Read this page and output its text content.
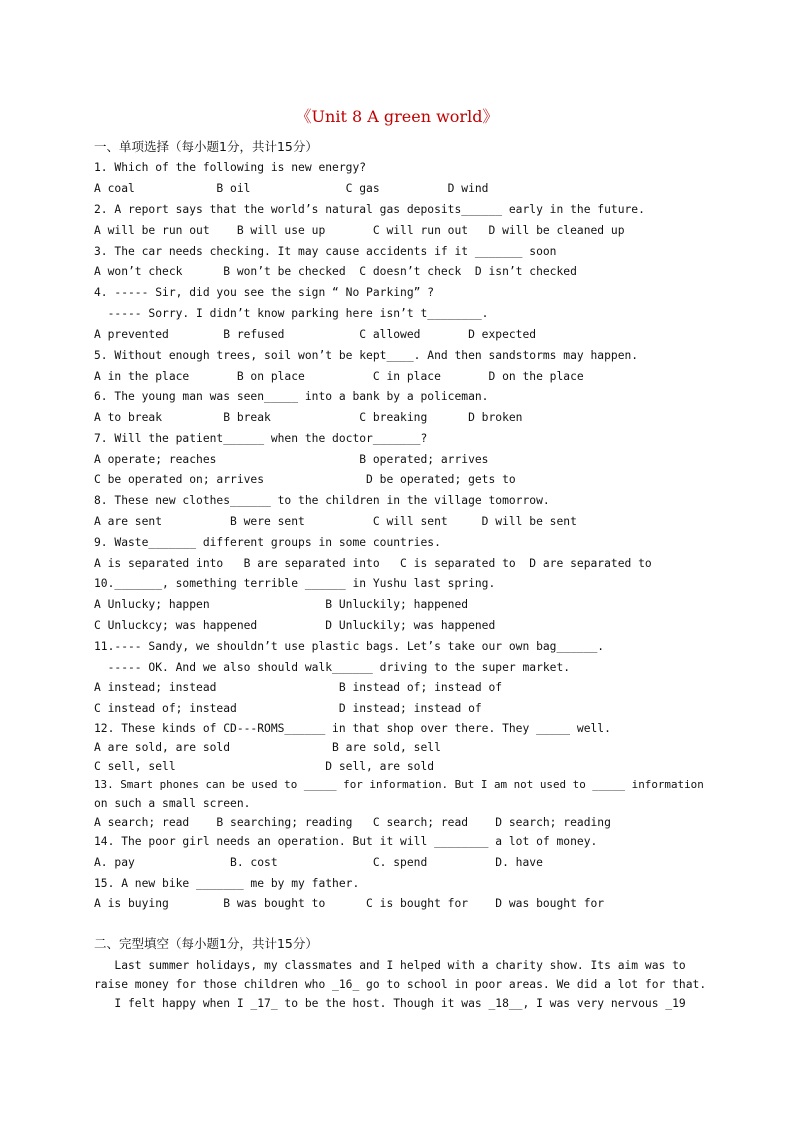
《Unit 8 A green world》
一、单项选择（每小题1分，共计15分）
1. Which of the following is new energy?
A coal            B oil              C gas          D wind
2. A report says that the world’s natural gas deposits______ early in the future.
A will be run out    B will use up       C will run out   D will be cleaned up
3. The car needs checking. It may cause accidents if it _______ soon
A won’t check      B won’t be checked  C doesn’t check  D isn’t checked
4. ----- Sir, did you see the sign “ No Parking” ?
----- Sorry. I didn’t know parking here isn’t t________.
A prevented        B refused           C allowed       D expected
5. Without enough trees, soil won’t be kept____. And then sandstorms may happen.
A in the place       B on place          C in place       D on the place
6. The young man was seen_____ into a bank by a policeman.
A to break         B break             C breaking      D broken
7. Will the patient______ when the doctor_______?
A operate; reaches                     B operated; arrives
C be operated on; arrives               D be operated; gets to
8. These new clothes______ to the children in the village tomorrow.
A are sent          B were sent          C will sent     D will be sent
9. Waste_______ different groups in some countries.
A is separated into   B are separated into   C is separated to  D are separated to
10._______, something terrible ______ in Yushu last spring.
A Unlucky; happen                 B Unluckily; happened
C Unluckcy; was happened          D Unluckily; was happened
11.---- Sandy, we shouldn’t use plastic bags. Let’s take our own bag______.
----- OK. And we also should walk______ driving to the super market.
A instead; instead                  B instead of; instead of
C instead of; instead               D instead; instead of
12. These kinds of CD---ROMS______ in that shop over there. They _____ well.
A are sold, are sold               B are sold, sell
C sell, sell                      D sell, are sold
13. Smart phones can be used to _____ for information. But I am not used to _____ information
on such a small screen.
A search; read    B searching; reading   C search; read    D search; reading
14. The poor girl needs an operation. But it will ________ a lot of money.
A. pay              B. cost              C. spend          D. have
15. A new bike _______ me by my father.
A is buying        B was bought to      C is bought for    D was bought for
二、完型填空（每小题1分，共计15分）
Last summer holidays, my classmates and I helped with a charity show. Its aim was to
raise money for those children who _16_ go to school in poor areas. We did a lot for that.
I felt happy when I _17_ to be the host. Though it was _18__, I was very nervous _19
